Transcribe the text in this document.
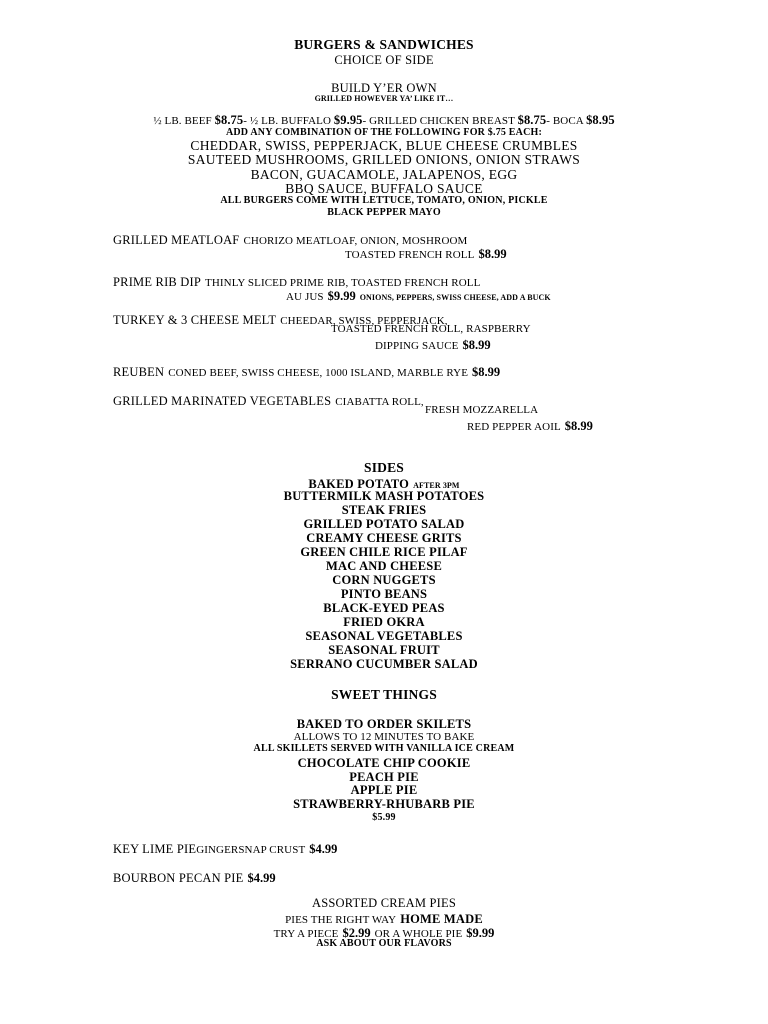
BURGERS & SANDWICHES
CHOICE OF SIDE
BUILD Y’ER OWN
GRILLED HOWEVER YA’ LIKE IT…
½ LB. BEEF $8.75- ½ LB. BUFFALO $9.95- GRILLED CHICKEN BREAST $8.75- BOCA $8.95
ADD ANY COMBINATION OF THE FOLLOWING FOR $.75 EACH:
CHEDDAR, SWISS, PEPPERJACK, BLUE CHEESE CRUMBLES
SAUTEED MUSHROOMS, GRILLED ONIONS, ONION STRAWS
BACON, GUACAMOLE, JALAPENOS, EGG
BBQ SAUCE, BUFFALO SAUCE
ALL BURGERS COME WITH LETTUCE, TOMATO, ONION, PICKLE
BLACK PEPPER MAYO
GRILLED MEATLOAF CHORIZO MEATLOAF, ONION, MOSHROOM
TOASTED FRENCH ROLL $8.99
PRIME RIB DIP THINLY SLICED PRIME RIB, TOASTED FRENCH ROLL
AU JUS $9.99 ONIONS, PEPPERS, SWISS CHEESE, ADD A BUCK
TURKEY & 3 CHEESE MELT CHEEDAR, SWISS, PEPPERJACK,
TOASTED FRENCH ROLL, RASPBERRY
DIPPING SAUCE $8.99
REUBEN CONED BEEF, SWISS CHEESE, 1000 ISLAND, MARBLE RYE $8.99
GRILLED MARINATED VEGETABLES CIABATTA ROLL,
FRESH MOZZARELLA
RED PEPPER AOIL $8.99
SIDES
BAKED POTATO AFTER 3PM
BUTTERMILK MASH POTATOES
STEAK FRIES
GRILLED POTATO SALAD
CREAMY CHEESE GRITS
GREEN CHILE RICE PILAF
MAC AND CHEESE
CORN NUGGETS
PINTO BEANS
BLACK-EYED PEAS
FRIED OKRA
SEASONAL VEGETABLES
SEASONAL FRUIT
SERRANO CUCUMBER SALAD
SWEET THINGS
BAKED TO ORDER SKILETS
ALLOWS TO 12 MINUTES TO BAKE
ALL SKILLETS SERVED WITH VANILLA ICE CREAM
CHOCOLATE CHIP COOKIE
PEACH PIE
APPLE PIE
STRAWBERRY-RHUBARB PIE
$5.99
KEY LIME PIEGINGERSNAP CRUST $4.99
BOURBON PECAN PIE $4.99
ASSORTED CREAM PIES
PIES THE RIGHT WAY HOME MADE
TRY A PIECE $2.99 OR A WHOLE PIE $9.99
ASK ABOUT OUR FLAVORS
